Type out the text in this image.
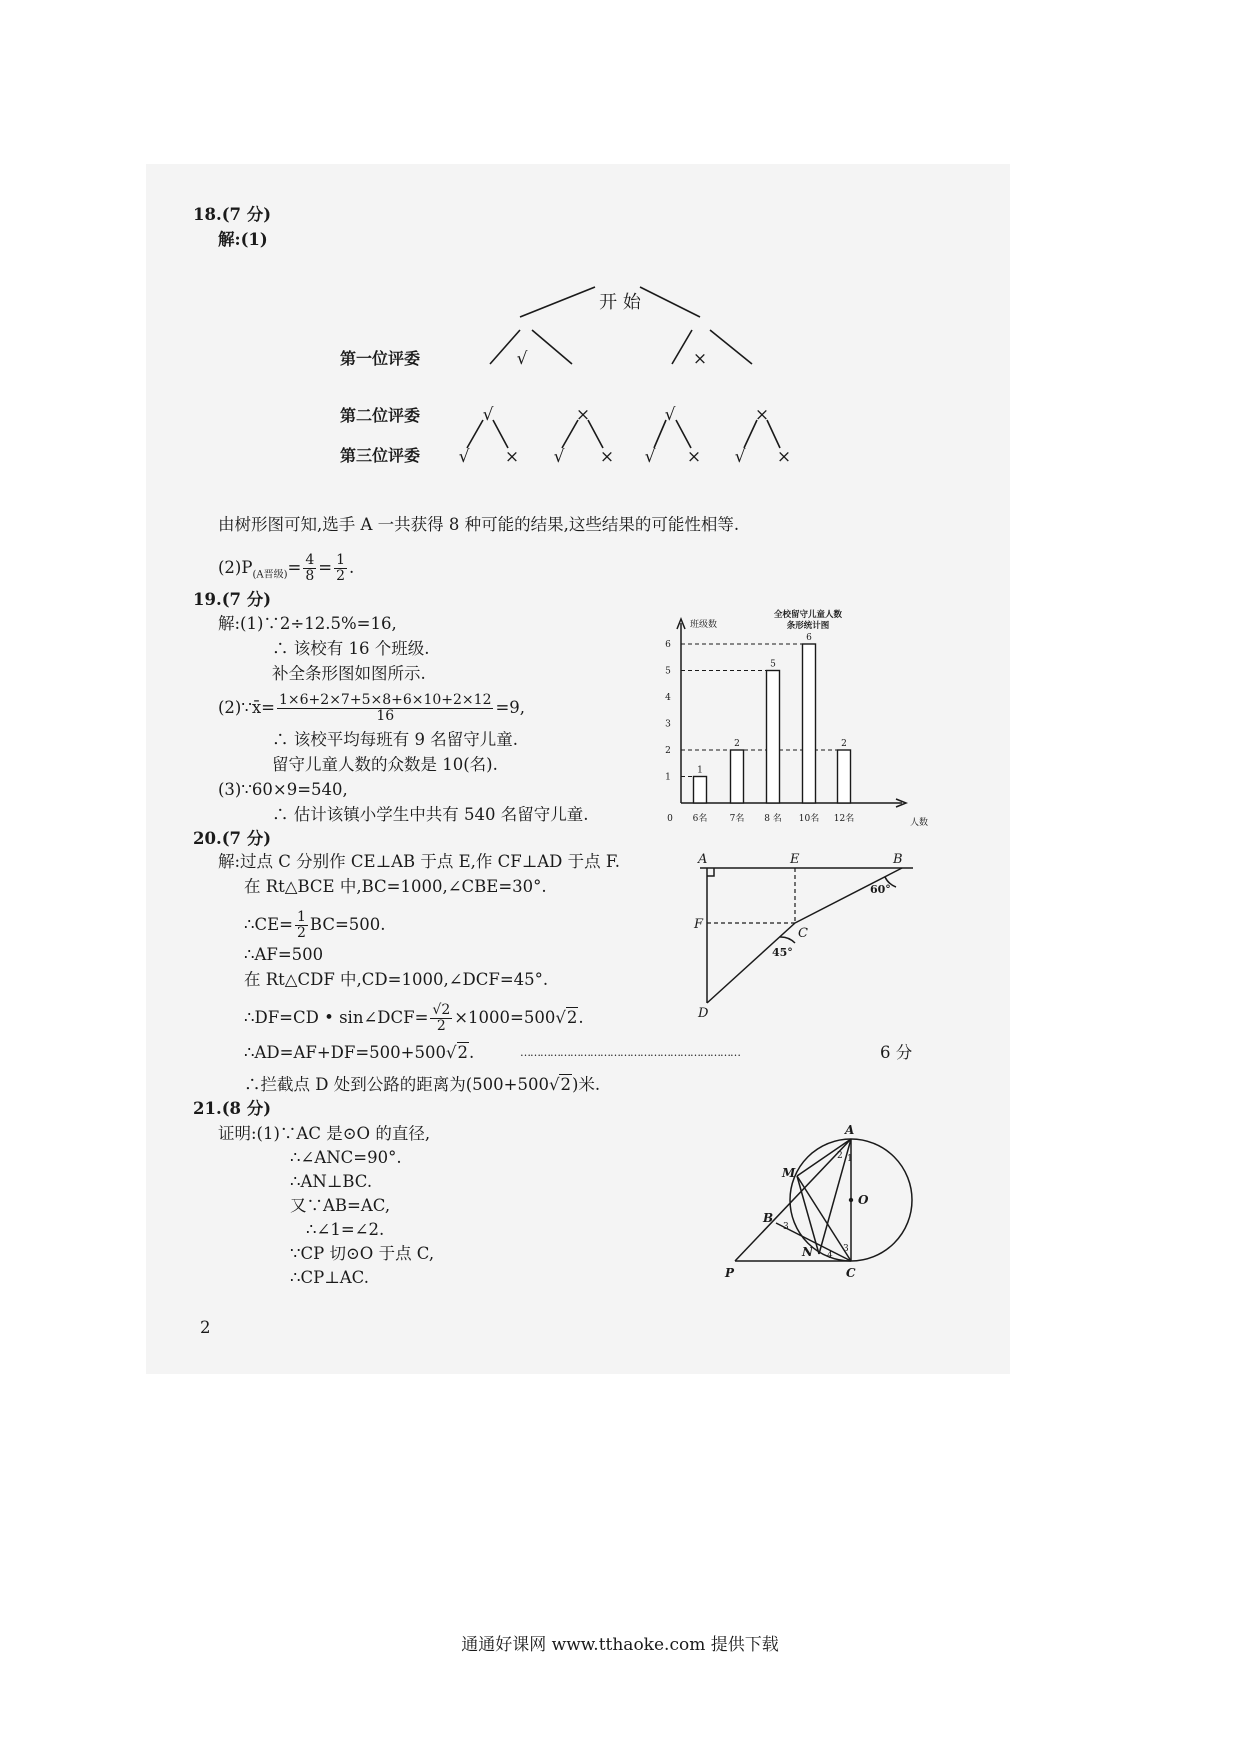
18.(7 分)
解:(1)
开 始
第一位评委
第二位评委
第三位评委
√	×
√	×	√	×
√ × √ × √ × √ ×
由树形图可知,选手 A 一共获得 8 种可能的结果,这些结果的可能性相等.
$(2)P_{(A晋级)}= \frac{4}{8} = \frac{1}{2}$ .
19.(7 分)
解:(1)∵2÷12.5%=16,
∴ 该校有 16 个班级.
补全条形图如图所示.
(2)∵x̄= $\frac{1\times 6+2\times 7+5\times 8+6\times 10+2\times 12}{16} =9$,
∴ 该校平均每班有 9 名留守儿童.
留守儿童人数的众数是 10(名).
(3)∵60×9=540,
∴ 估计该镇小学生中共有 540 名留守儿童.
班级数
人数
全校留守儿童人数
条形统计图
0
1
2
3
4
5
6
6名 7名 8 名 10名 12名
1
2
5
6
2
20.(7 分)
解:过点 C 分别作 CE⊥AB 于点 E,作 CF⊥AD 于点 F.
在 Rt△BCE 中,BC=1000,∠CBE=30°.
∴CE= $\frac{1}{2} BC=500$.
∴AF=500
在 Rt△CDF 中,CD=1000,∠DCF=45°.
∴DF=CD • sin∠DCF= $\frac{√2}{2} \times 1000=500√2$.
∴AD=AF+DF=500+500√2.	…………………………………………………………	6 分
∴拦截点 D 处到公路的距离为(500+500√2)米.
A	E	B
F
C
D
60°
45°
21.(8 分)
证明:(1)∵AC 是⊙O 的直径,
∴∠ANC=90°.
∴AN⊥BC.
又∵AB=AC,
∴∠1=∠2.
∵CP 切⊙O 于点 C,
∴CP⊥AC.
A
M
O
B
N
P	C
1
2
3
3
4
2
通通好课网 www.tthaoke.com 提供下载
